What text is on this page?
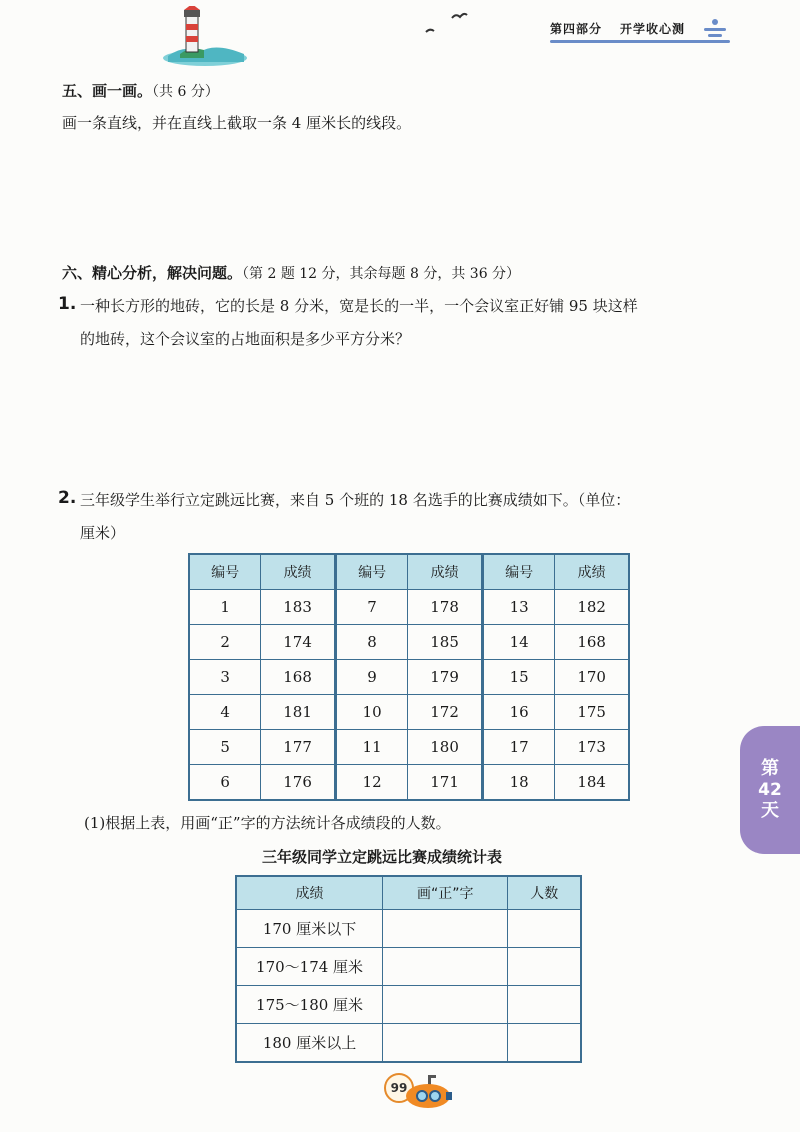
第四部分 开学收心测
五、画一画。（共 6 分）
画一条直线，并在直线上截取一条 4 厘米长的线段。
六、精心分析，解决问题。（第 2 题 12 分，其余每题 8 分，共 36 分）
1. 一种长方形的地砖，它的长是 8 分米，宽是长的一半，一个会议室正好铺 95 块这样
的地砖，这个会议室的占地面积是多少平方分米？
2. 三年级学生举行立定跳远比赛，来自 5 个班的 18 名选手的比赛成绩如下。（单位：
厘米）
编号	成绩	编号	成绩	编号	成绩
1	183	7	178	13	182
2	174	8	185	14	168
3	168	9	179	15	170
4	181	10	172	16	175
5	177	11	180	17	173
6	176	12	171	18	184
(1)根据上表，用画“正”字的方法统计各成绩段的人数。
三年级同学立定跳远比赛成绩统计表
成绩	画“正”字	人数
170 厘米以下		
170～174 厘米		
175～180 厘米		
180 厘米以上		
第
42
天
99
